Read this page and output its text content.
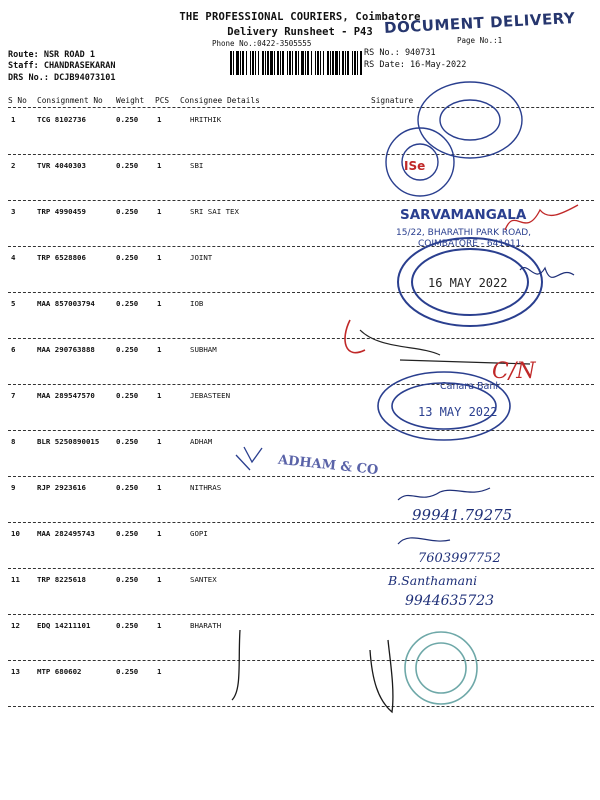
THE PROFESSIONAL COURIERS, Coimbatore
Delivery Runsheet - P43
Phone No.:0422-3505555
DOCUMENT DELIVERY
Page No.:1
Route: NSR ROAD 1
Staff: CHANDRASEKARAN
DRS No.: DCJB94073101
RS No.: 940731
RS Date: 16-May-2022
S No Consignment No Weight PCS Consignee Details	Signature
1	TCG 8102736	0.250	1	HRITHIK
2	TVR 4040303	0.250	1	SBI
3	TRP 4990459	0.250	1	SRI SAI TEX
4	TRP 6528806	0.250	1	JOINT
5	MAA 857003794	0.250	1	IOB
6	MAA 290763888	0.250	1	SUBHAM
7	MAA 289547570	0.250	1	JEBASTEEN
8	BLR 5250890015 0.250	1	ADHAM
9	RJP 2923616	0.250	1	NITHRAS
10 MAA 282495743	0.250	1	GOPI
11 TRP 8225618	0.250	1	SANTEX
12 EDQ 14211101	0.250	1	BHARATH
13 MTP 680602	0.250	1
ISe
SARVAMANGALA
15/22, BHARATHI PARK ROAD,
COIMBATORE - 641011.
16 MAY 2022
C/N
Canara Bank
13 MAY 2022
ADHAM & CO
99941.79275
7603997752
B.Santhamani
9944635723
